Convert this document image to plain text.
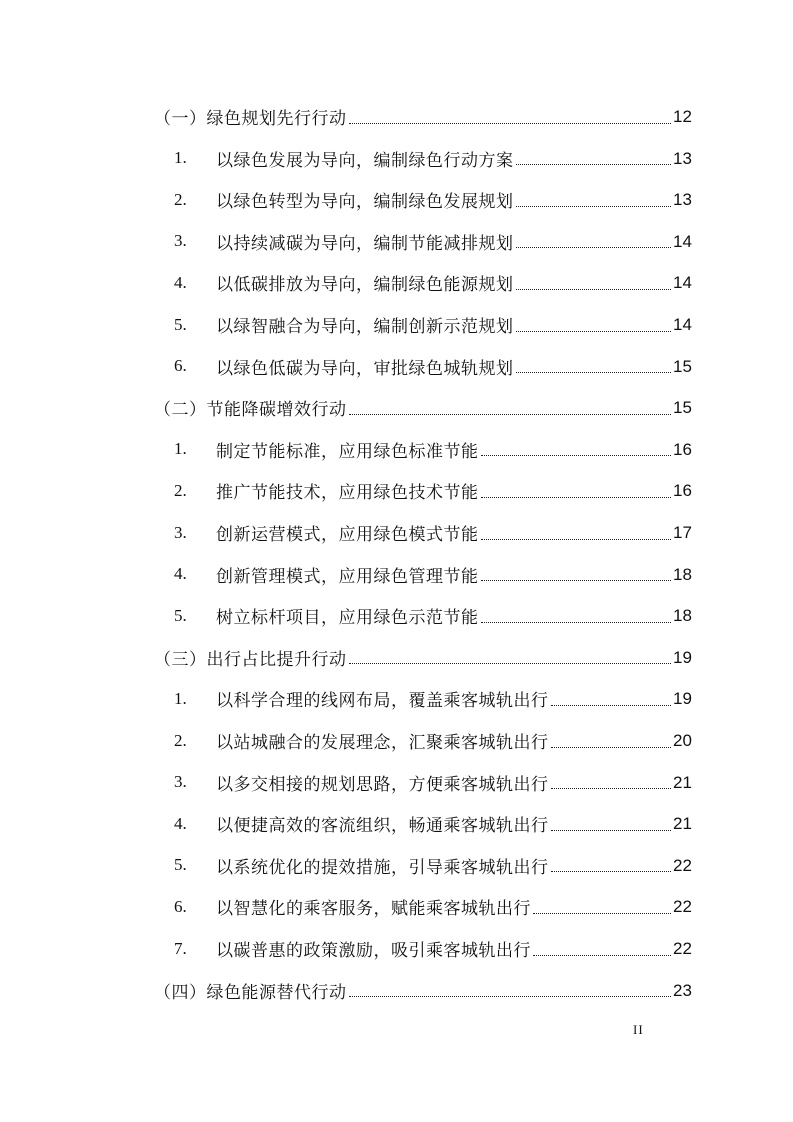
（一）绿色规划先行行动	12
1.	以绿色发展为导向，编制绿色行动方案	13
2.	以绿色转型为导向，编制绿色发展规划	13
3.	以持续减碳为导向，编制节能减排规划	14
4.	以低碳排放为导向，编制绿色能源规划	14
5.	以绿智融合为导向，编制创新示范规划	14
6.	以绿色低碳为导向，审批绿色城轨规划	15
（二）节能降碳增效行动	15
1.	制定节能标准，应用绿色标准节能	16
2.	推广节能技术，应用绿色技术节能	16
3.	创新运营模式，应用绿色模式节能	17
4.	创新管理模式，应用绿色管理节能	18
5.	树立标杆项目，应用绿色示范节能	18
（三）出行占比提升行动	19
1.	以科学合理的线网布局，覆盖乘客城轨出行	19
2.	以站城融合的发展理念，汇聚乘客城轨出行	20
3.	以多交相接的规划思路，方便乘客城轨出行	21
4.	以便捷高效的客流组织，畅通乘客城轨出行	21
5.	以系统优化的提效措施，引导乘客城轨出行	22
6.	以智慧化的乘客服务，赋能乘客城轨出行	22
7.	以碳普惠的政策激励，吸引乘客城轨出行	22
（四）绿色能源替代行动	23
II
